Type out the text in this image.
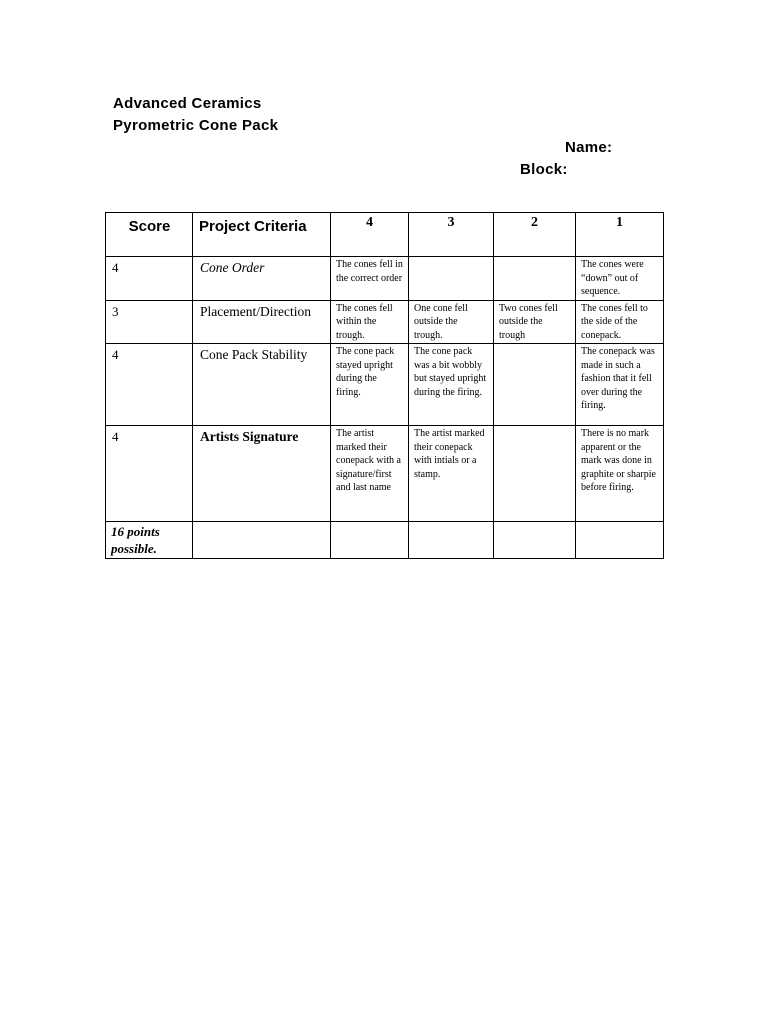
Advanced Ceramics
Pyrometric Cone Pack
Name:
Block:
Score	Project Criteria	4	3	2	1
4	Cone Order	The cones fell in the correct order			The cones were “down” out of sequence.
3	Placement/Direction	The cones fell within the trough.	One cone fell outside the trough.	Two cones fell outside the trough	The cones fell to the side of the conepack.
4	Cone Pack Stability	The cone pack stayed upright during the firing.	The cone pack was a bit wobbly but stayed upright during the firing.		The conepack was made in such a fashion that it fell over during the firing.
4	Artists Signature	The artist marked their conepack with a signature/first and last name	The artist marked their conepack with intials or a stamp.		There is no mark apparent or the mark was done in graphite or sharpie before firing.
16 points possible.					
